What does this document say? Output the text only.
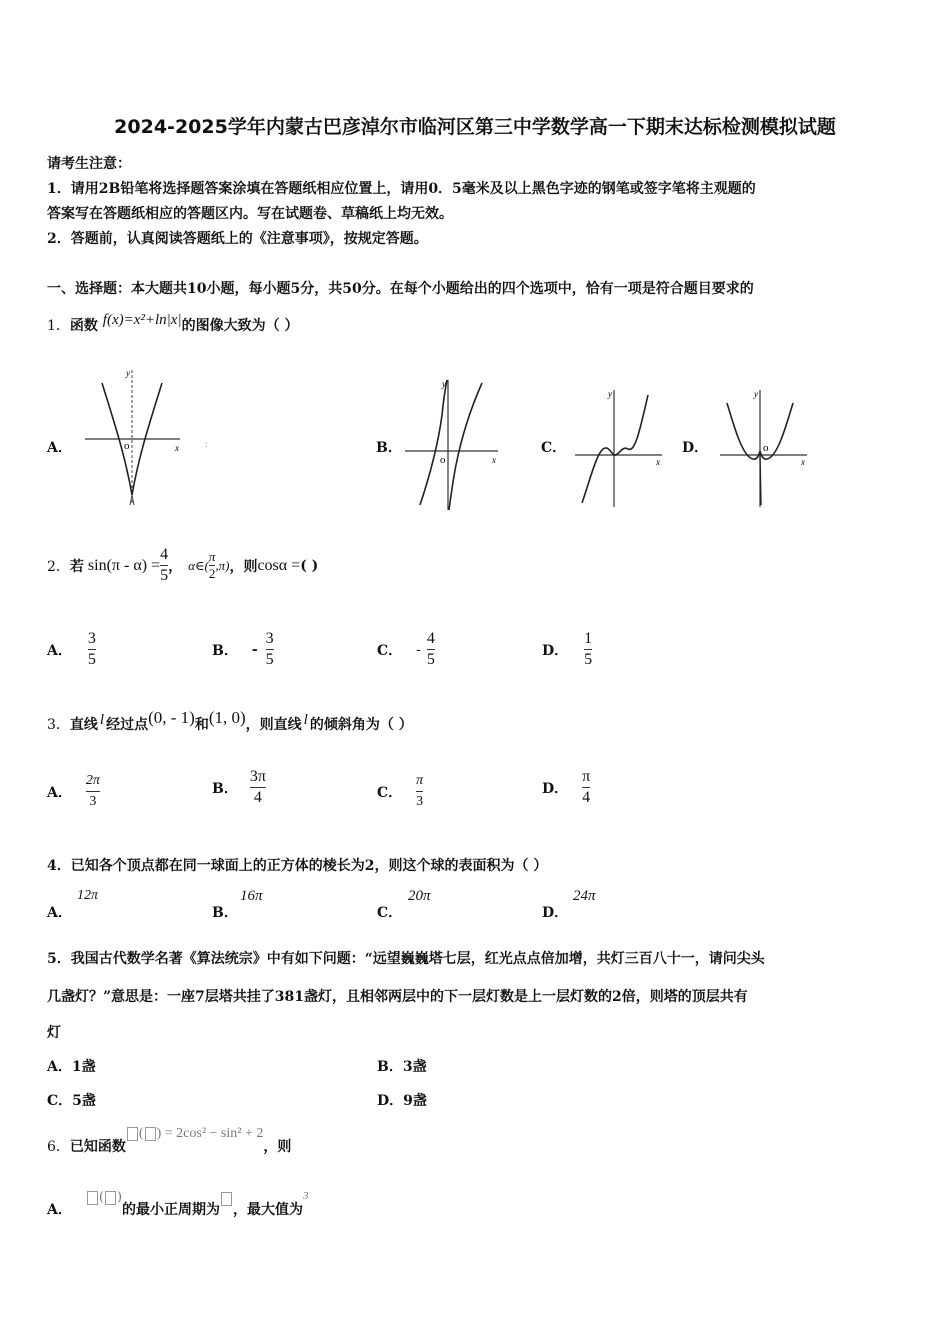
2024-2025学年内蒙古巴彦淖尔市临河区第三中学数学高一下期末达标检测模拟试题
请考生注意：
1．请用2B铅笔将选择题答案涂填在答题纸相应位置上，请用0．5毫米及以上黑色字迹的钢笔或签字笔将主观题的
答案写在答题纸相应的答题区内。写在试题卷、草稿纸上均无效。
2．答题前，认真阅读答题纸上的《注意事项》，按规定答题。
一、选择题：本大题共10小题，每小题5分，共50分。在每个小题给出的四个选项中，恰有一项是符合题目要求的
1．函数 f(x)=x²+ln|x|的图像大致为（ ）
A．	B．	C．	D．
o	x
y
:
o	x
y
x
y
o
x
y
2． 若 $\sin(\pi - \alpha) = \frac{4}{5}$ ， α∈( $\frac{\pi}{2} ,\pi$) ，则 cosα = ( )
A． $\frac{3}{5}$	B． - $\frac{3}{5}$	C． - $\frac{4}{5}$	D． $\frac{1}{5}$
3． 直线 l 经过点 (0, - 1) 和 (1, 0) ，则直线 l 的倾斜角为（ ）
A． $\frac{2\pi}{3}$	B． $\frac{3\pi}{4}$	C． $\frac{\pi}{3}$	D． $\frac{\pi}{4}$
4．已知各个顶点都在同一球面上的正方体的棱长为2，则这个球的表面积为（ ）
A．
12π
B．
16π
C．
20π
D．
24π
5．我国古代数学名著《算法统宗》中有如下问题：“远望巍巍塔七层，红光点点倍加增，共灯三百八十一，请问尖头
几盏灯？”意思是：一座7层塔共挂了381盏灯，且相邻两层中的下一层灯数是上一层灯数的2倍，则塔的顶层共有
灯
A．1盏	B．3盏
C．5盏	D．9盏
6． 已知函数
( ) = 2cos² − sin² + 2
，则
A．
( )
的最小正周期为 ，最大值为
3
